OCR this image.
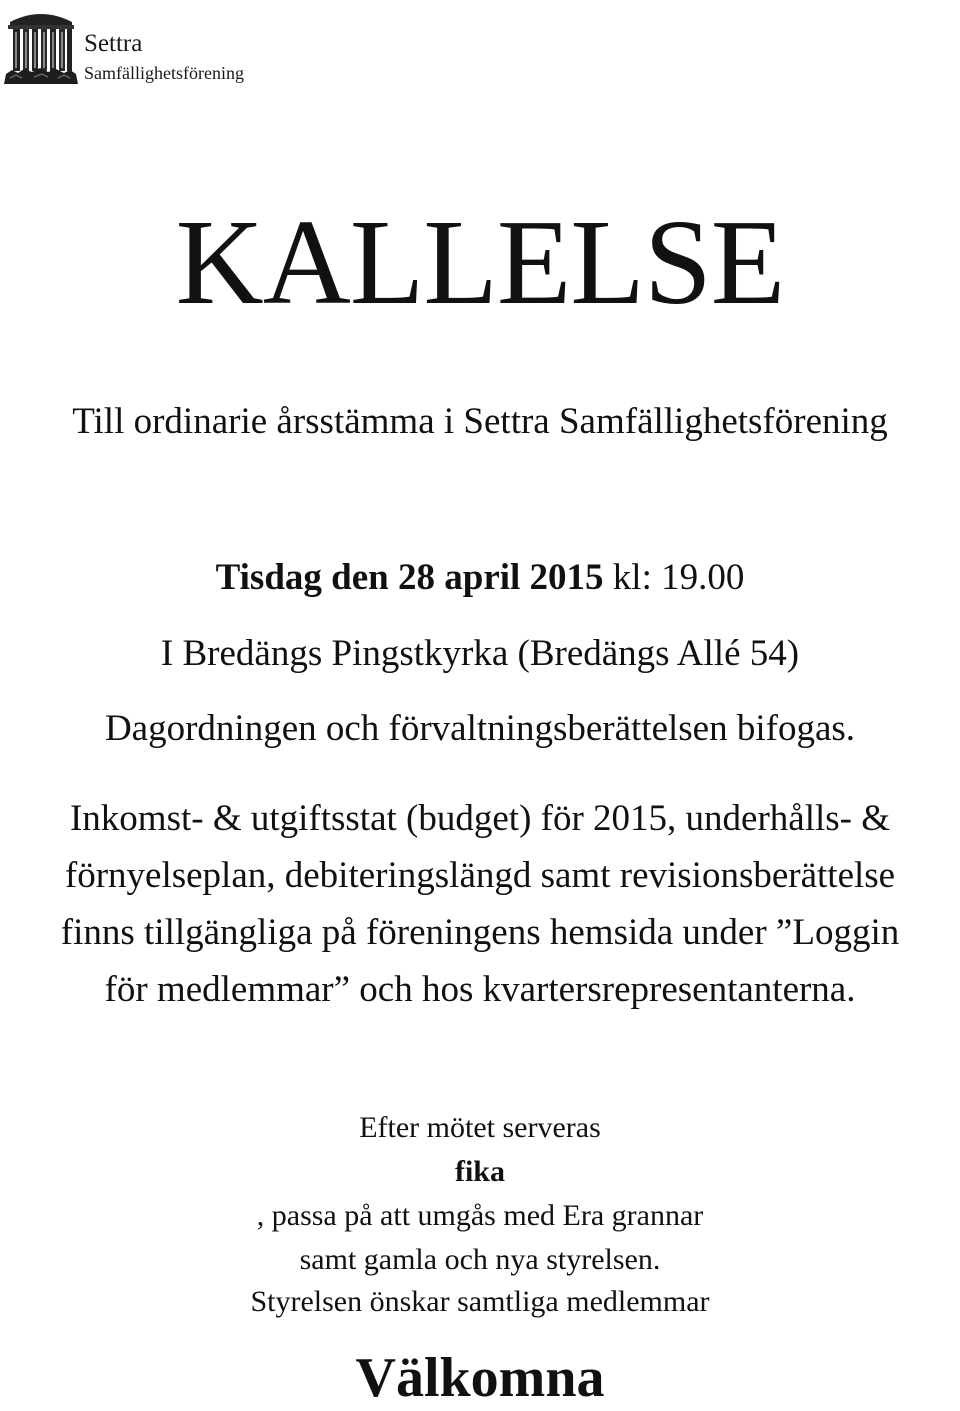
Settra
Samfällighetsförening
KALLELSE
Till ordinarie årsstämma i Settra Samfällighetsförening
Tisdag den 28 april 2015 kl: 19.00
I Bredängs Pingstkyrka (Bredängs Allé 54)
Dagordningen och förvaltningsberättelsen bifogas.
Inkomst- & utgiftsstat (budget) för 2015, underhålls- &
förnyelseplan, debiteringslängd samt revisionsberättelse
finns tillgängliga på föreningens hemsida under ”Loggin
för medlemmar” och hos kvartersrepresentanterna.
Efter mötet serveras
fika
, passa på att umgås med Era grannar
samt gamla och nya styrelsen.
Styrelsen önskar samtliga medlemmar
Välkomna
